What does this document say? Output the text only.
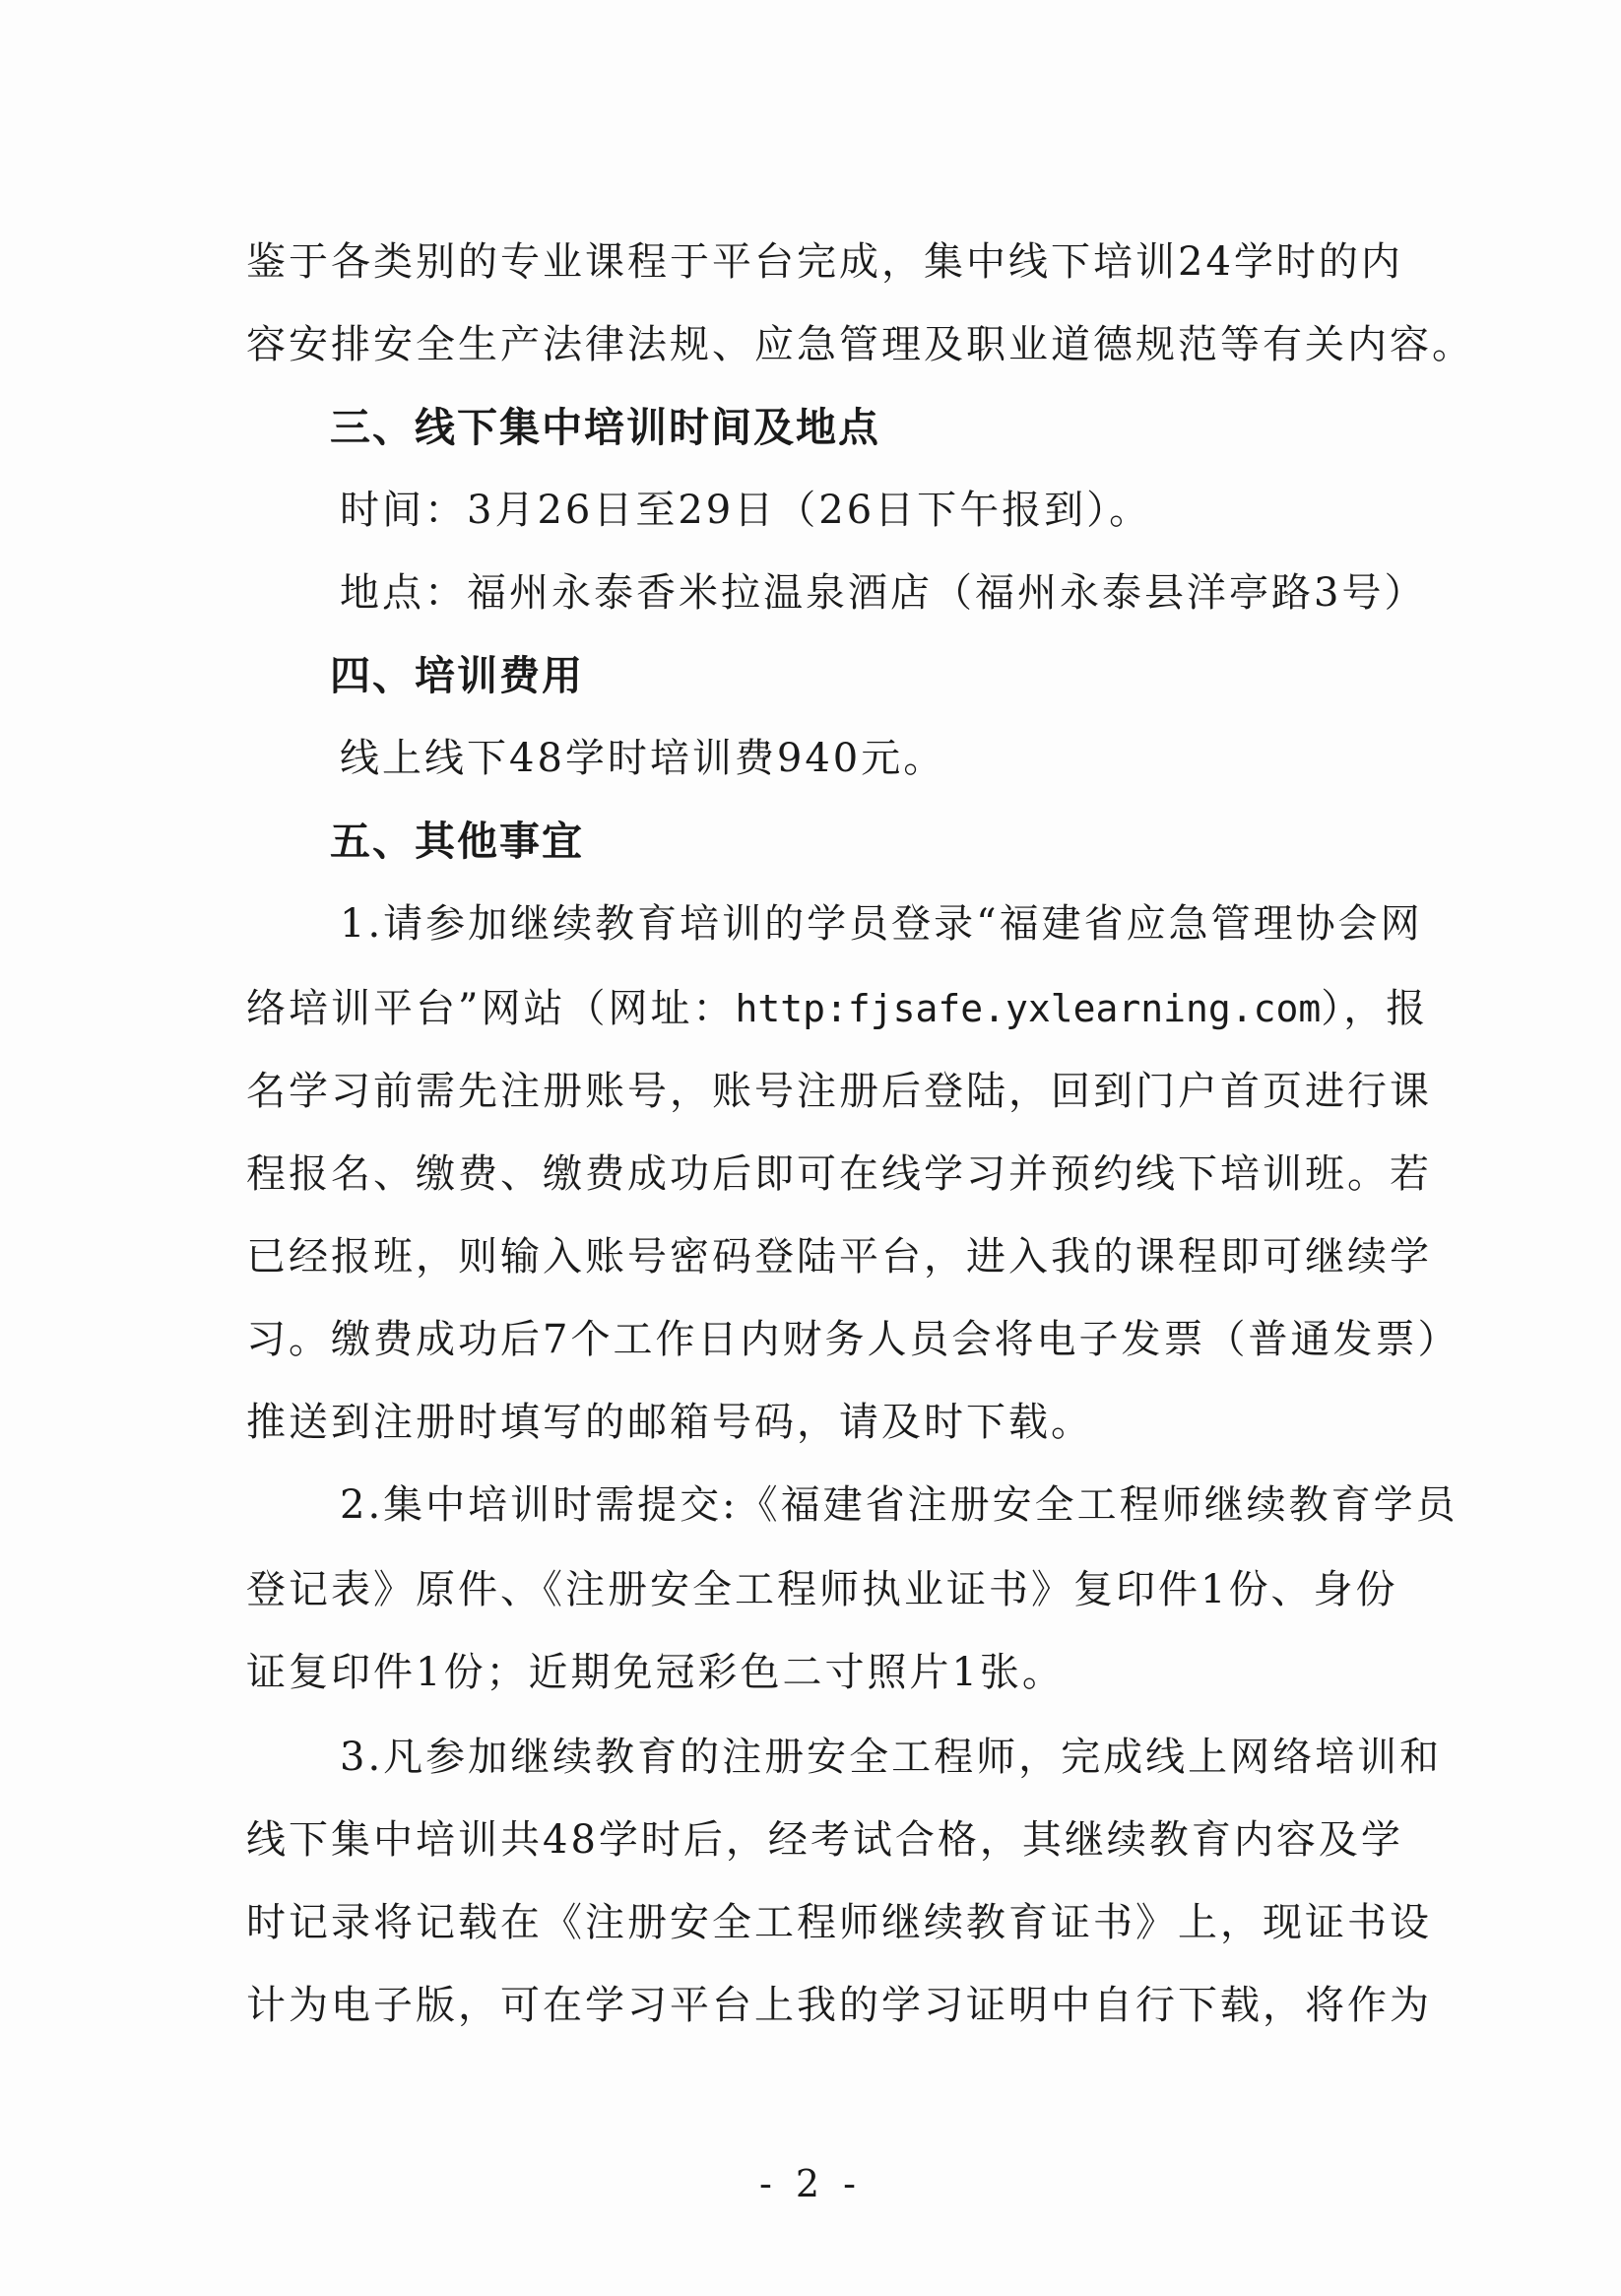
鉴于各类别的专业课程于平台完成，集中线下培训24学时的内
容安排安全生产法律法规、应急管理及职业道德规范等有关内容。
三、线下集中培训时间及地点
时间：3月26日至29日（26日下午报到）。
地点：福州永泰香米拉温泉酒店（福州永泰县洋亭路3号）
四、培训费用
线上线下48学时培训费940元。
五、其他事宜
1.请参加继续教育培训的学员登录“福建省应急管理协会网
络培训平台”网站（网址：http:fjsafe.yxlearning.com），报
名学习前需先注册账号，账号注册后登陆，回到门户首页进行课
程报名、缴费、缴费成功后即可在线学习并预约线下培训班。若
已经报班，则输入账号密码登陆平台，进入我的课程即可继续学
习。缴费成功后7个工作日内财务人员会将电子发票（普通发票）
推送到注册时填写的邮箱号码，请及时下载。
2.集中培训时需提交:《福建省注册安全工程师继续教育学员
登记表》原件、《注册安全工程师执业证书》复印件1份、身份
证复印件1份；近期免冠彩色二寸照片1张。
3.凡参加继续教育的注册安全工程师，完成线上网络培训和
线下集中培训共48学时后，经考试合格，其继续教育内容及学
时记录将记载在《注册安全工程师继续教育证书》上，现证书设
计为电子版，可在学习平台上我的学习证明中自行下载，将作为
- 2 -
